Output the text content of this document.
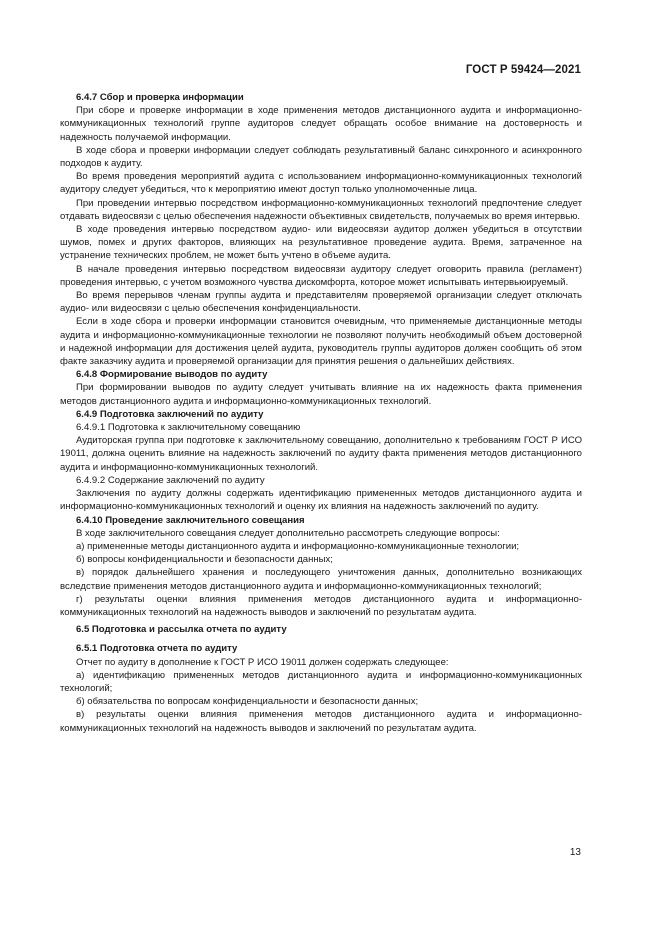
ГОСТ Р 59424—2021

6.4.7 Сбор и проверка информации

При сборе и проверке информации в ходе применения методов дистанционного аудита и информационно-коммуникационных технологий группе аудиторов следует обращать особое внимание на достоверность и надежность получаемой информации.

В ходе сбора и проверки информации следует соблюдать результативный баланс синхронного и асинхронного подходов к аудиту.

Во время проведения мероприятий аудита с использованием информационно-коммуникационных технологий аудитору следует убедиться, что к мероприятию имеют доступ только уполномоченные лица.

При проведении интервью посредством информационно-коммуникационных технологий предпочтение следует отдавать видеосвязи с целью обеспечения надежности объективных свидетельств, получаемых во время интервью.

В ходе проведения интервью посредством аудио- или видеосвязи аудитор должен убедиться в отсутствии шумов, помех и других факторов, влияющих на результативное проведение аудита. Время, затраченное на устранение технических проблем, не может быть учтено в объеме аудита.

В начале проведения интервью посредством видеосвязи аудитору следует оговорить правила (регламент) проведения интервью, с учетом возможного чувства дискомфорта, которое может испытывать интервьюируемый.

Во время перерывов членам группы аудита и представителям проверяемой организации следует отключать аудио- или видеосвязи с целью обеспечения конфиденциальности.

Если в ходе сбора и проверки информации становится очевидным, что применяемые дистанционные методы аудита и информационно-коммуникационные технологии не позволяют получить необходимый объем достоверной и надежной информации для достижения целей аудита, руководитель группы аудиторов должен сообщить об этом факте заказчику аудита и проверяемой организации для принятия решения о дальнейших действиях.

6.4.8 Формирование выводов по аудиту

При формировании выводов по аудиту следует учитывать влияние на их надежность факта применения методов дистанционного аудита и информационно-коммуникационных технологий.

6.4.9 Подготовка заключений по аудиту

6.4.9.1 Подготовка к заключительному совещанию

Аудиторская группа при подготовке к заключительному совещанию, дополнительно к требованиям ГОСТ Р ИСО 19011, должна оценить влияние на надежность заключений по аудиту факта применения методов дистанционного аудита и информационно-коммуникационных технологий.

6.4.9.2 Содержание заключений по аудиту

Заключения по аудиту должны содержать идентификацию примененных методов дистанционного аудита и информационно-коммуникационных технологий и оценку их влияния на надежность заключений по аудиту.

6.4.10 Проведение заключительного совещания

В ходе заключительного совещания следует дополнительно рассмотреть следующие вопросы:

а) примененные методы дистанционного аудита и информационно-коммуникационные технологии;

б) вопросы конфиденциальности и безопасности данных;

в) порядок дальнейшего хранения и последующего уничтожения данных, дополнительно возникающих вследствие применения методов дистанционного аудита и информационно-коммуникационных технологий;

г) результаты оценки влияния применения методов дистанционного аудита и информационно-коммуникационных технологий на надежность выводов и заключений по результатам аудита.

6.5 Подготовка и рассылка отчета по аудиту

6.5.1 Подготовка отчета по аудиту

Отчет по аудиту в дополнение к ГОСТ Р ИСО 19011 должен содержать следующее:

а) идентификацию примененных методов дистанционного аудита и информационно-коммуникационных технологий;

б) обязательства по вопросам конфиденциальности и безопасности данных;

в) результаты оценки влияния применения методов дистанционного аудита и информационно-коммуникационных технологий на надежность выводов и заключений по результатам аудита.

13
